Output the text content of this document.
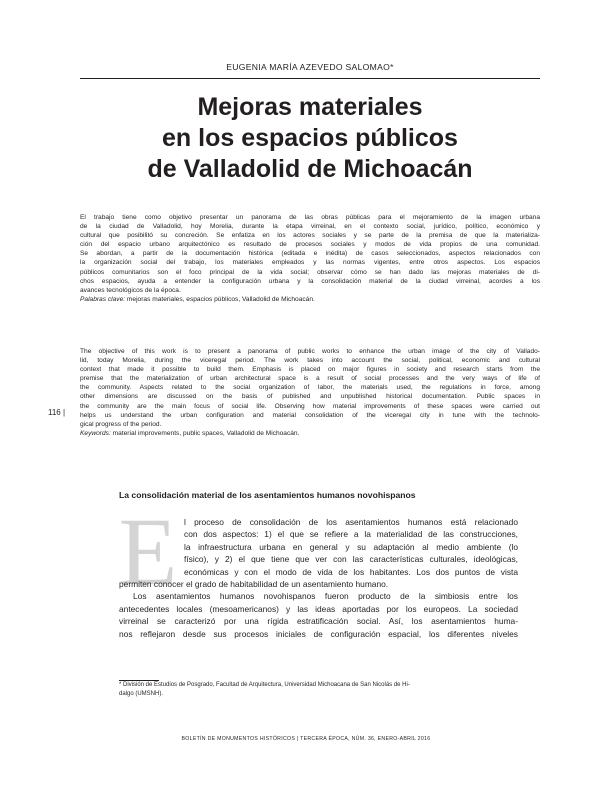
EUGENIA MARÍA AZEVEDO SALOMAO*
Mejoras materiales
en los espacios públicos
de Valladolid de Michoacán
El trabajo tiene como objetivo presentar un panorama de las obras públicas para el mejoramiento de la imagen urbana
de la ciudad de Valladolid, hoy Morelia, durante la etapa virreinal, en el contexto social, jurídico, político, económico y
cultural que posibilitó su concreción. Se enfatiza en los actores sociales y se parte de la premisa de que la materializa-
ción del espacio urbano arquitectónico es resultado de procesos sociales y modos de vida propios de una comunidad.
Se abordan, a partir de la documentación histórica (editada e inédita) de casos seleccionados, aspectos relacionados con
la organización social del trabajo, los materiales empleados y las normas vigentes, entre otros aspectos. Los espacios
públicos comunitarios son el foco principal de la vida social; observar cómo se han dado las mejoras materiales de di-
chos espacios, ayuda a entender la configuración urbana y la consolidación material de la ciudad virreinal, acordes a los
avances tecnológicos de la época.
Palabras clave: mejoras materiales, espacios públicos, Valladolid de Michoacán.
The objective of this work is to present a panorama of public works to enhance the urban image of the city of Vallado-
lid, today Morelia, during the viceregal period. The work takes into account the social, political, economic and cultural
context that made it possible to build them. Emphasis is placed on major figures in society and research starts from the
premise that the materialization of urban architectural space is a result of social processes and the very ways of life of
the community. Aspects related to the social organization of labor, the materials used, the regulations in force, among
other dimensions are discussed on the basis of published and unpublished historical documentation. Public spaces in
the community are the main focus of social life. Observing how material improvements of these spaces were carried out
helps us understand the urban configuration and material consolidation of the viceregal city in tune with the technolo-
gical progress of the period.
Keywords: material improvements, public spaces, Valladolid de Michoacán.
116 |
La consolidación material de los asentamientos humanos novohispanos
E l proceso de consolidación de los asentamientos humanos está relacionado
con dos aspectos: 1) el que se refiere a la materialidad de las construcciones,
la infraestructura urbana en general y su adaptación al medio ambiente (lo
físico), y 2) el que tiene que ver con las características culturales, ideológicas,
económicas y con el modo de vida de los habitantes. Los dos puntos de vista
permiten conocer el grado de habitabilidad de un asentamiento humano.
Los asentamientos humanos novohispanos fueron producto de la simbiosis entre los
antecedentes locales (mesoamericanos) y las ideas aportadas por los europeos. La sociedad
virreinal se caracterizó por una rígida estratificación social. Así, los asentamientos huma-
nos reflejaron desde sus procesos iniciales de configuración espacial, los diferentes niveles
* División de Estudios de Posgrado, Facultad de Arquitectura, Universidad Michoacana de San Nicolás de Hi-
dalgo (UMSNH).
BOLETÍN DE MONUMENTOS HISTÓRICOS | TERCERA ÉPOCA, NÚM. 36, ENERO-ABRIL 2016
